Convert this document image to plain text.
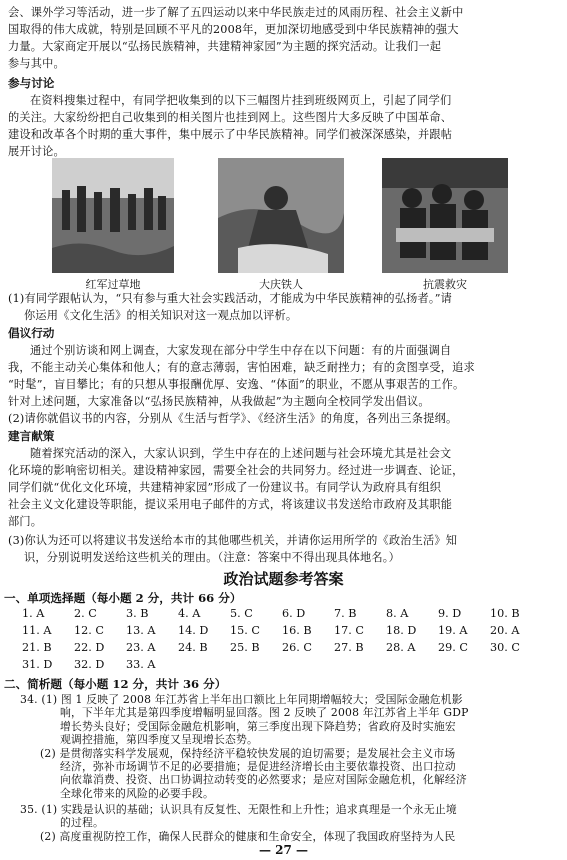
会、课外学习等活动，进一步了解了五四运动以来中华民族走过的风雨历程、社会主义新中
国取得的伟大成就，特别是回顾不平凡的2008年，更加深切地感受到中华民族精神的强大
力量。大家商定开展以“弘扬民族精神，共建精神家园”为主题的探究活动。让我们一起
参与其中。
参与讨论
在资料搜集过程中，有同学把收集到的以下三幅图片挂到班级网页上，引起了同学们
的关注。大家纷纷把自己收集到的相关图片也挂到网上。这些图片大多反映了中国革命、
建设和改革各个时期的重大事件，集中展示了中华民族精神。同学们被深深感染，并跟帖
展开讨论。
红军过草地	大庆铁人	抗震救灾
(1)有同学跟帖认为，“只有参与重大社会实践活动，才能成为中华民族精神的弘扬者。”请
你运用《文化生活》的相关知识对这一观点加以评析。
倡议行动
通过个别访谈和网上调查，大家发现在部分中学生中存在以下问题：有的片面强调自
我，不能主动关心集体和他人；有的意志薄弱，害怕困难，缺乏耐挫力；有的贪图享受，追求
“时髦”，盲目攀比；有的只想从事报酬优厚、安逸、“体面”的职业，不愿从事艰苦的工作。
针对上述问题，大家准备以“弘扬民族精神，从我做起”为主题向全校同学发出倡议。
(2)请你就倡议书的内容，分别从《生活与哲学》、《经济生活》的角度，各列出三条提纲。
建言献策
随着探究活动的深入，大家认识到，学生中存在的上述问题与社会环境尤其是社会文
化环境的影响密切相关。建设精神家园，需要全社会的共同努力。经过进一步调查、论证，
同学们就“优化文化环境，共建精神家园”形成了一份建议书。有同学认为政府具有组织
社会主义文化建设等职能，提议采用电子邮件的方式，将该建议书发送给市政府及其职能
部门。
(3)你认为还可以将建议书发送给本市的其他哪些机关，并请你运用所学的《政治生活》知
识，分别说明发送给这些机关的理由。（注意：答案中不得出现具体地名。）
政治试题参考答案
一、单项选择题（每小题 2 分，共计 66 分）
1. A	2. C	3. B	4. A	5. C	6. D	7. B	8. A	9. D	10. B
11. A 12. C 13. A 14. D 15. C 16. B 17. C 18. D 19. A 20. A
21. B 22. D 23. A 24. B 25. B 26. C 27. B 28. A 29. C 30. C
31. D 32. D 33. A
二、简析题（每小题 12 分，共计 36 分）
34. (1) 图 1 反映了 2008 年江苏省上半年出口额比上年同期增幅较大；受国际金融危机影
响，下半年尤其是第四季度增幅明显回落。图 2 反映了 2008 年江苏省上半年 GDP
增长势头良好；受国际金融危机影响，第三季度出现下降趋势；省政府及时实施宏
观调控措施，第四季度又呈现增长态势。
(2) 是贯彻落实科学发展观，保持经济平稳较快发展的迫切需要；是发展社会主义市场
经济，弥补市场调节不足的必要措施；是促进经济增长由主要依靠投资、出口拉动
向依靠消费、投资、出口协调拉动转变的必然要求；是应对国际金融危机，化解经济
全球化带来的风险的必要手段。
— 27 —
35. (1) 实践是认识的基础；认识具有反复性、无限性和上升性；追求真理是一个永无止境
的过程。
(2) 高度重视防控工作，确保人民群众的健康和生命安全，体现了我国政府坚持为人民
